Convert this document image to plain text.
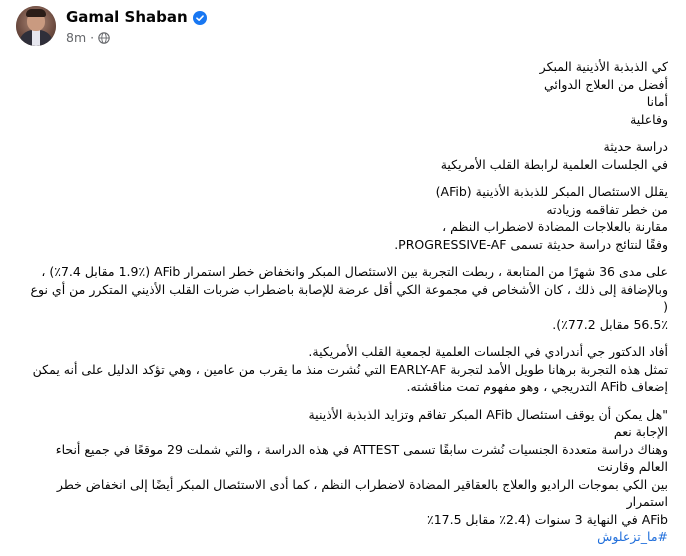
Gamal Shaban
8m ·
كي الذبذبة الأذينية المبكر
أفضل من العلاج الدوائي
أمانا
وفاعلية
دراسة حديثة
في الجلسات العلمية لرابطة القلب الأمريكية
يقلل الاستئصال المبكر للذبذبة الأذينية (AFib)
من خطر تفاقمه وزيادته
مقارنة بالعلاجات المضادة لاضطراب النظم ،
وفقًا لنتائج دراسة حديثة تسمى PROGRESSIVE-AF.
على مدى 36 شهرًا من المتابعة ، ربطت التجربة بين الاستئصال المبكر وانخفاض خطر استمرار AFib (1.9٪ مقابل 7.4٪) ،
وبالإضافة إلى ذلك ، كان الأشخاص في مجموعة الكي أقل عرضة للإصابة باضطراب ضربات القلب الأذيني المتكرر من أي نوع (
56.5٪ مقابل 77.2٪).
أفاد الدكتور جي أندرادي في الجلسات العلمية لجمعية القلب الأمريكية.
تمثل هذه التجربة برهانا طويل الأمد لتجربة EARLY-AF التي نُشرت منذ ما يقرب من عامين ، وهي تؤكد الدليل على أنه يمكن
إضعاف AFib التدريجي ، وهو مفهوم تمت مناقشته.
"هل يمكن أن يوقف استئصال AFib المبكر تفاقم وتزايد الذبذبة الأذينية
الإجابة نعم
وهناك دراسة متعددة الجنسيات نُشرت سابقًا تسمى ATTEST في هذه الدراسة ، والتي شملت 29 موقعًا في جميع أنحاء العالم وقارنت
بين الكي بموجات الراديو والعلاج بالعقاقير المضادة لاضطراب النظم ، كما أدى الاستئصال المبكر أيضًا إلى انخفاض خطر استمرار
AFib في النهاية 3 سنوات (2.4٪ مقابل 17.5٪
#ما_تزعلوش
